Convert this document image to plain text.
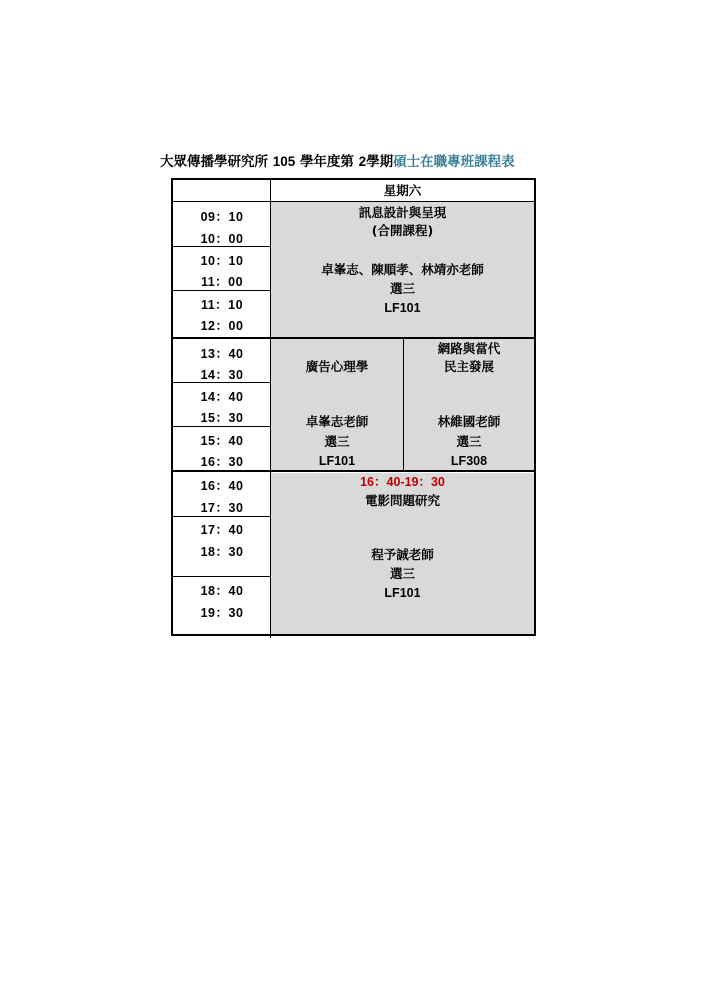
大眾傳播學研究所 105 學年度第 2學期碩士在職專班課程表
訊息設計與呈現
(合開課程)
卓峯志、陳順孝、林靖亦老師
選三
LF101
廣告心理學
卓峯志老師
選三
LF101
網路與當代
民主發展
林維國老師
選三
LF308
16：40-19：30
電影問題研究
程予誠老師
選三
LF101
星期六
09：10
10：00
10：10
11：00
11：10
12：00
13：40
14：30
14：40
15：30
15：40
16：30
16：40
17：30
17：40
18：30
18：40
19：30
